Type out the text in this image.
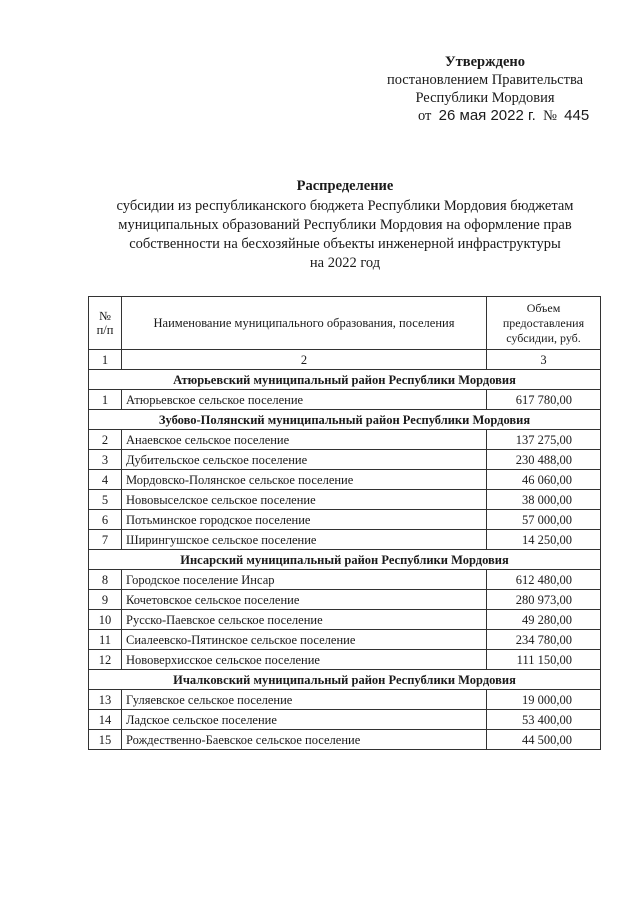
Утверждено
постановлением Правительства
Республики Мордовия
от 26 мая 2022 г. № 445
Распределение
субсидии из республиканского бюджета Республики Мордовия бюджетам
муниципальных образований Республики Мордовия на оформление прав
собственности на бесхозяйные объекты инженерной инфраструктуры
на 2022 год
№ п/п	Наименование муниципального образования, поселения	Объем предоставления субсидии, руб.
1	2	3
Атюрьевский муниципальный район Республики Мордовия		
1	Атюрьевское сельское поселение	617 780,00
Зубово-Полянский муниципальный район Республики Мордовия		
2	Анаевское сельское поселение	137 275,00
3	Дубительское сельское поселение	230 488,00
4	Мордовско-Полянское сельское поселение	46 060,00
5	Нововыселское сельское поселение	38 000,00
6	Потьминское городское поселение	57 000,00
7	Ширингушское сельское поселение	14 250,00
Инсарский муниципальный район Республики Мордовия		
8	Городское поселение Инсар	612 480,00
9	Кочетовское сельское поселение	280 973,00
10	Русско-Паевское сельское поселение	49 280,00
11	Сиалеевско-Пятинское сельское поселение	234 780,00
12	Нововерхисское сельское поселение	111 150,00
Ичалковский муниципальный район Республики Мордовия		
13	Гуляевское сельское поселение	19 000,00
14	Ладское сельское поселение	53 400,00
15	Рождественно-Баевское сельское поселение	44 500,00
